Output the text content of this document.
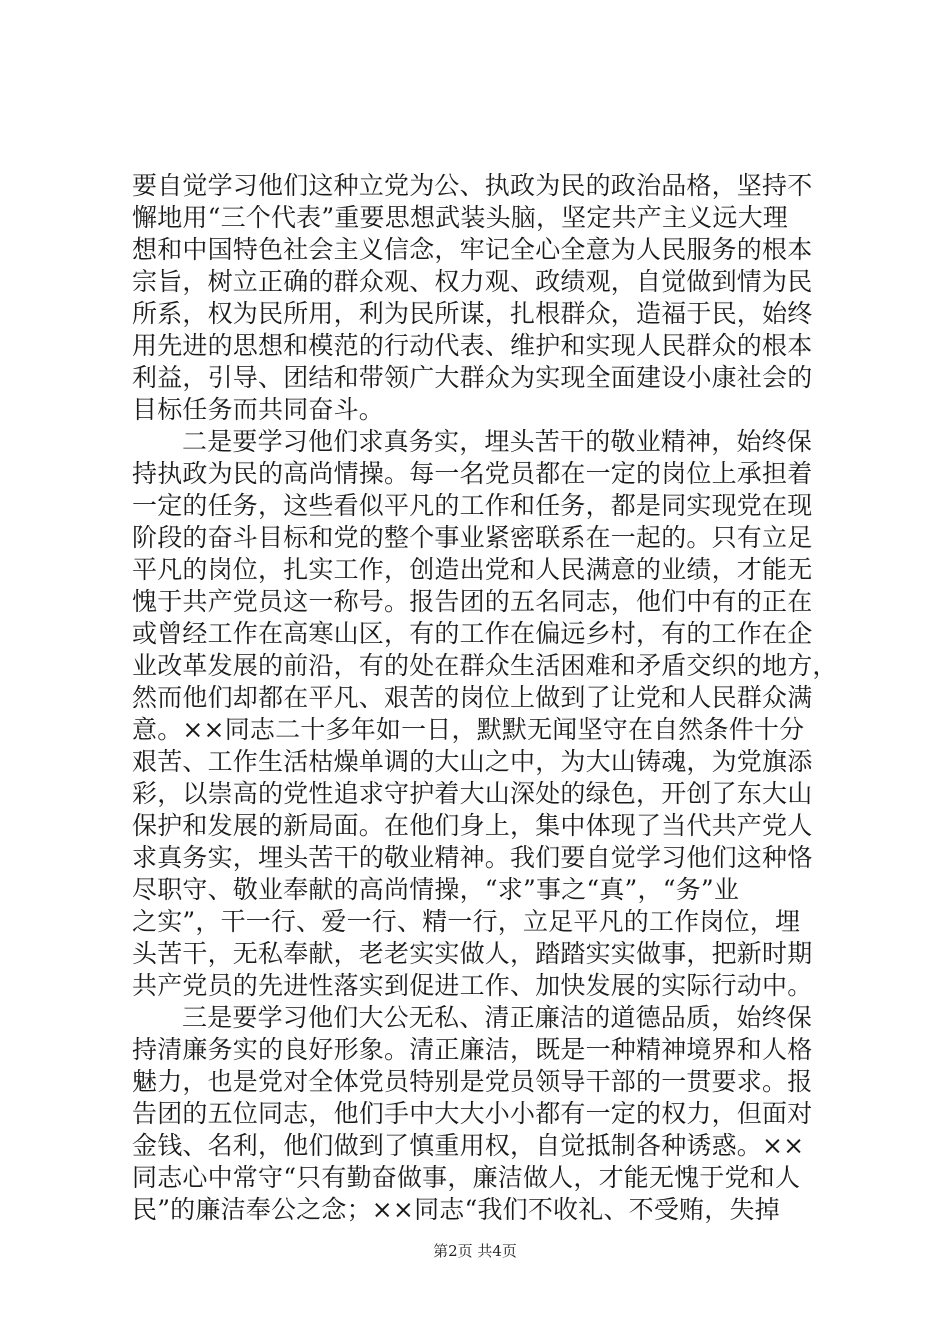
要自觉学习他们这种立党为公、执政为民的政治品格，坚持不
懈地用“三个代表”重要思想武装头脑，坚定共产主义远大理
想和中国特色社会主义信念，牢记全心全意为人民服务的根本
宗旨，树立正确的群众观、权力观、政绩观，自觉做到情为民
所系，权为民所用，利为民所谋，扎根群众，造福于民，始终
用先进的思想和模范的行动代表、维护和实现人民群众的根本
利益，引导、团结和带领广大群众为实现全面建设小康社会的
目标任务而共同奋斗。
二是要学习他们求真务实，埋头苦干的敬业精神，始终保
持执政为民的高尚情操。每一名党员都在一定的岗位上承担着
一定的任务，这些看似平凡的工作和任务，都是同实现党在现
阶段的奋斗目标和党的整个事业紧密联系在一起的。只有立足
平凡的岗位，扎实工作，创造出党和人民满意的业绩，才能无
愧于共产党员这一称号。报告团的五名同志，他们中有的正在
或曾经工作在高寒山区，有的工作在偏远乡村，有的工作在企
业改革发展的前沿，有的处在群众生活困难和矛盾交织的地方，
然而他们却都在平凡、艰苦的岗位上做到了让党和人民群众满
意。××同志二十多年如一日，默默无闻坚守在自然条件十分
艰苦、工作生活枯燥单调的大山之中，为大山铸魂，为党旗添
彩，以崇高的党性追求守护着大山深处的绿色，开创了东大山
保护和发展的新局面。在他们身上，集中体现了当代共产党人
求真务实，埋头苦干的敬业精神。我们要自觉学习他们这种恪
尽职守、敬业奉献的高尚情操，“求”事之“真”，“务”业
之实”，干一行、爱一行、精一行，立足平凡的工作岗位，埋
头苦干，无私奉献，老老实实做人，踏踏实实做事，把新时期
共产党员的先进性落实到促进工作、加快发展的实际行动中。
三是要学习他们大公无私、清正廉洁的道德品质，始终保
持清廉务实的良好形象。清正廉洁，既是一种精神境界和人格
魅力，也是党对全体党员特别是党员领导干部的一贯要求。报
告团的五位同志，他们手中大大小小都有一定的权力，但面对
金钱、名利，他们做到了慎重用权，自觉抵制各种诱惑。××
同志心中常守“只有勤奋做事，廉洁做人，才能无愧于党和人
民”的廉洁奉公之念；××同志“我们不收礼、不受贿，失掉
第2页 共4页
